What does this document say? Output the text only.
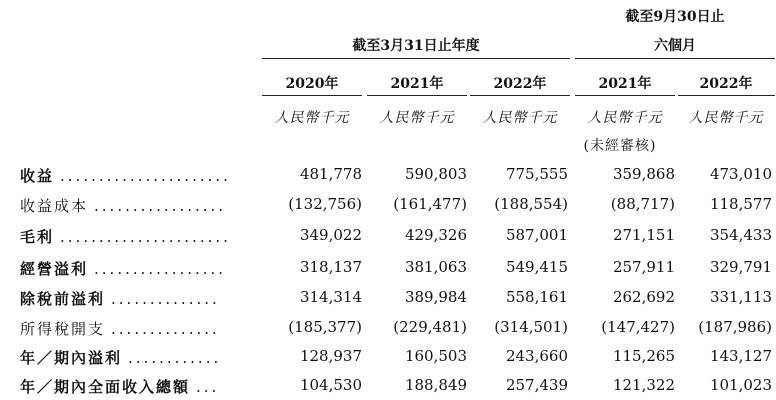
截至9月30日止
截至3月31日止年度	六個月
2020年	2021年	2022年	2021年	2022年
人民幣千元	人民幣千元	人民幣千元	人民幣千元	人民幣千元
(未經審核)
收益 ......................	481,778	590,803	775,555	359,868	473,010
收益成本 .................	(132,756)	(161,477)	(188,554)	(88,717)	118,577
毛利 ......................	349,022	429,326	587,001	271,151	354,433
經營溢利 .................	318,137	381,063	549,415	257,911	329,791
除稅前溢利 ..............	314,314	389,984	558,161	262,692	331,113
所得稅開支 ..............	(185,377)	(229,481)	(314,501)	(147,427)	(187,986)
年／期內溢利 ............	128,937	160,503	243,660	115,265	143,127
年／期內全面收入總額 ...	104,530	188,849	257,439	121,322	101,023
